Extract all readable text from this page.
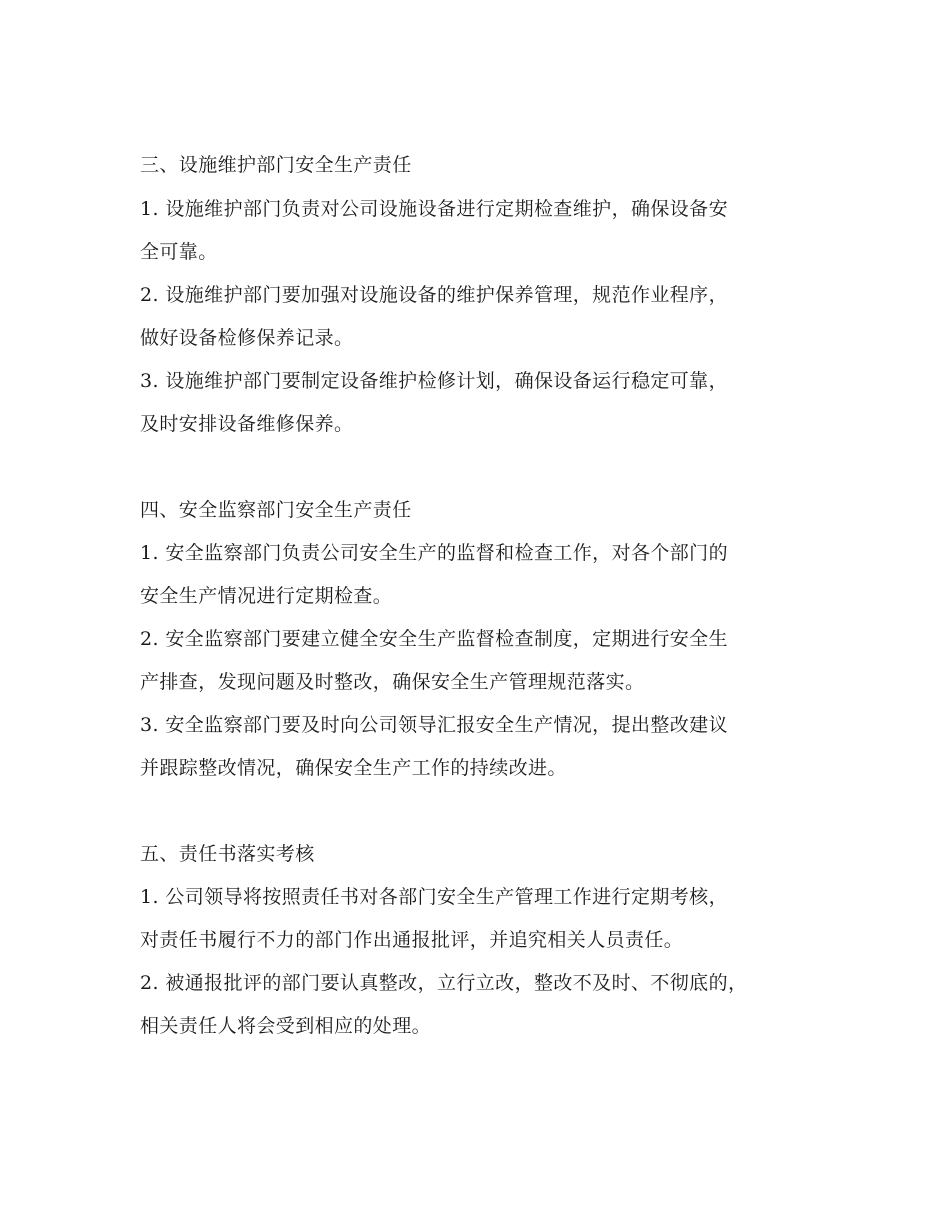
三、设施维护部门安全生产责任
1. 设施维护部门负责对公司设施设备进行定期检查维护，确保设备安
全可靠。
2. 设施维护部门要加强对设施设备的维护保养管理，规范作业程序，
做好设备检修保养记录。
3. 设施维护部门要制定设备维护检修计划，确保设备运行稳定可靠，
及时安排设备维修保养。
四、安全监察部门安全生产责任
1. 安全监察部门负责公司安全生产的监督和检查工作，对各个部门的
安全生产情况进行定期检查。
2. 安全监察部门要建立健全安全生产监督检查制度，定期进行安全生
产排查，发现问题及时整改，确保安全生产管理规范落实。
3. 安全监察部门要及时向公司领导汇报安全生产情况，提出整改建议
并跟踪整改情况，确保安全生产工作的持续改进。
五、责任书落实考核
1. 公司领导将按照责任书对各部门安全生产管理工作进行定期考核，
对责任书履行不力的部门作出通报批评，并追究相关人员责任。
2. 被通报批评的部门要认真整改，立行立改，整改不及时、不彻底的，
相关责任人将会受到相应的处理。
